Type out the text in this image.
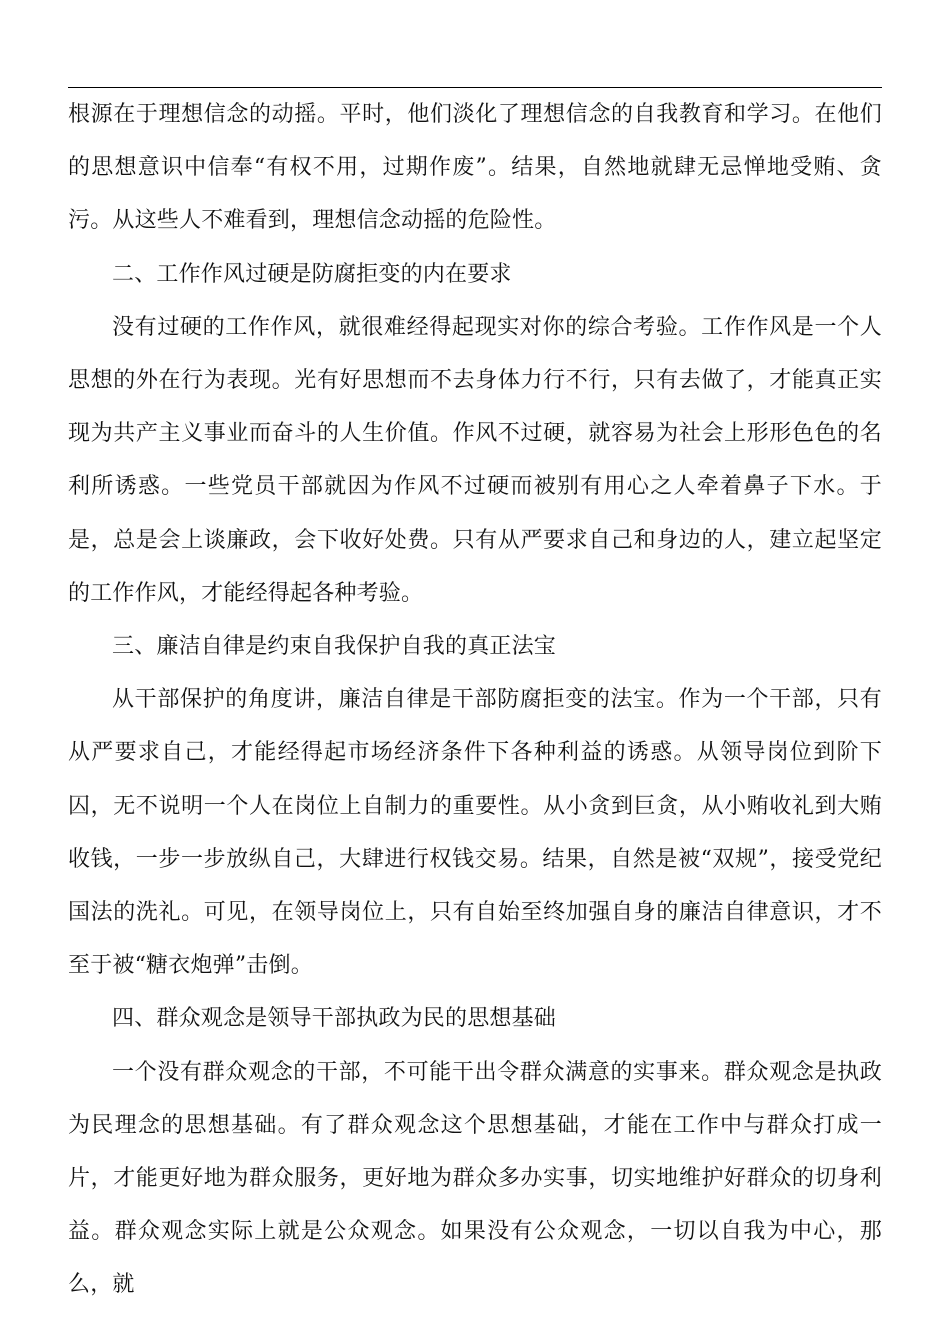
根源在于理想信念的动摇。平时，他们淡化了理想信念的自我教育和学习。在他们的思想意识中信奉“有权不用，过期作废”。结果，自然地就肆无忌惮地受贿、贪污。从这些人不难看到，理想信念动摇的危险性。

二、工作作风过硬是防腐拒变的内在要求

没有过硬的工作作风，就很难经得起现实对你的综合考验。工作作风是一个人思想的外在行为表现。光有好思想而不去身体力行不行，只有去做了，才能真正实现为共产主义事业而奋斗的人生价值。作风不过硬，就容易为社会上形形色色的名利所诱惑。一些党员干部就因为作风不过硬而被别有用心之人牵着鼻子下水。于是，总是会上谈廉政，会下收好处费。只有从严要求自己和身边的人，建立起坚定的工作作风，才能经得起各种考验。

三、廉洁自律是约束自我保护自我的真正法宝

从干部保护的角度讲，廉洁自律是干部防腐拒变的法宝。作为一个干部，只有从严要求自己，才能经得起市场经济条件下各种利益的诱惑。从领导岗位到阶下囚，无不说明一个人在岗位上自制力的重要性。从小贪到巨贪，从小贿收礼到大贿收钱，一步一步放纵自己，大肆进行权钱交易。结果，自然是被“双规”，接受党纪国法的洗礼。可见，在领导岗位上，只有自始至终加强自身的廉洁自律意识，才不至于被“糖衣炮弹”击倒。

四、群众观念是领导干部执政为民的思想基础

一个没有群众观念的干部，不可能干出令群众满意的实事来。群众观念是执政为民理念的思想基础。有了群众观念这个思想基础，才能在工作中与群众打成一片，才能更好地为群众服务，更好地为群众多办实事，切实地维护好群众的切身利益。群众观念实际上就是公众观念。如果没有公众观念，一切以自我为中心，那么，就
